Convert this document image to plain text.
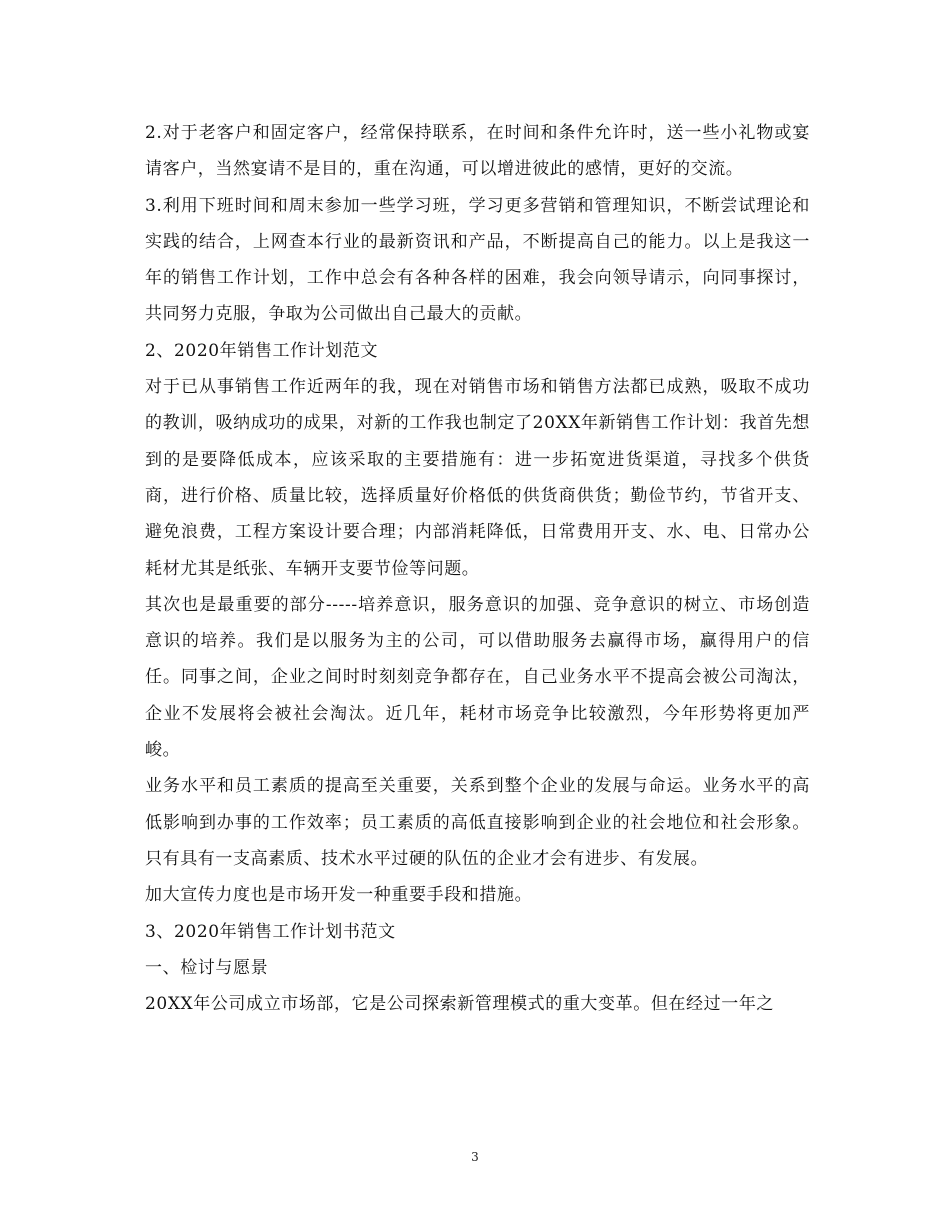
2.对于老客户和固定客户，经常保持联系，在时间和条件允许时，送一些小礼物或宴请客户，当然宴请不是目的，重在沟通，可以增进彼此的感情，更好的交流。

3.利用下班时间和周末参加一些学习班，学习更多营销和管理知识，不断尝试理论和实践的结合，上网查本行业的最新资讯和产品，不断提高自己的能力。以上是我这一年的销售工作计划，工作中总会有各种各样的困难，我会向领导请示，向同事探讨，共同努力克服，争取为公司做出自己最大的贡献。

2、2020年销售工作计划范文

对于已从事销售工作近两年的我，现在对销售市场和销售方法都已成熟，吸取不成功的教训，吸纳成功的成果，对新的工作我也制定了20XX年新销售工作计划：我首先想到的是要降低成本，应该采取的主要措施有：进一步拓宽进货渠道，寻找多个供货商，进行价格、质量比较，选择质量好价格低的供货商供货；勤俭节约，节省开支、避免浪费，工程方案设计要合理；内部消耗降低，日常费用开支、水、电、日常办公耗材尤其是纸张、车辆开支要节俭等问题。

其次也是最重要的部分-----培养意识，服务意识的加强、竞争意识的树立、市场创造意识的培养。我们是以服务为主的公司，可以借助服务去赢得市场，赢得用户的信任。同事之间，企业之间时时刻刻竞争都存在，自己业务水平不提高会被公司淘汰，企业不发展将会被社会淘汰。近几年，耗材市场竞争比较激烈，今年形势将更加严峻。

业务水平和员工素质的提高至关重要，关系到整个企业的发展与命运。业务水平的高低影响到办事的工作效率；员工素质的高低直接影响到企业的社会地位和社会形象。只有具有一支高素质、技术水平过硬的队伍的企业才会有进步、有发展。

加大宣传力度也是市场开发一种重要手段和措施。

3、2020年销售工作计划书范文

一、检讨与愿景

20XX年公司成立市场部，它是公司探索新管理模式的重大变革。但在经过一年之

3
